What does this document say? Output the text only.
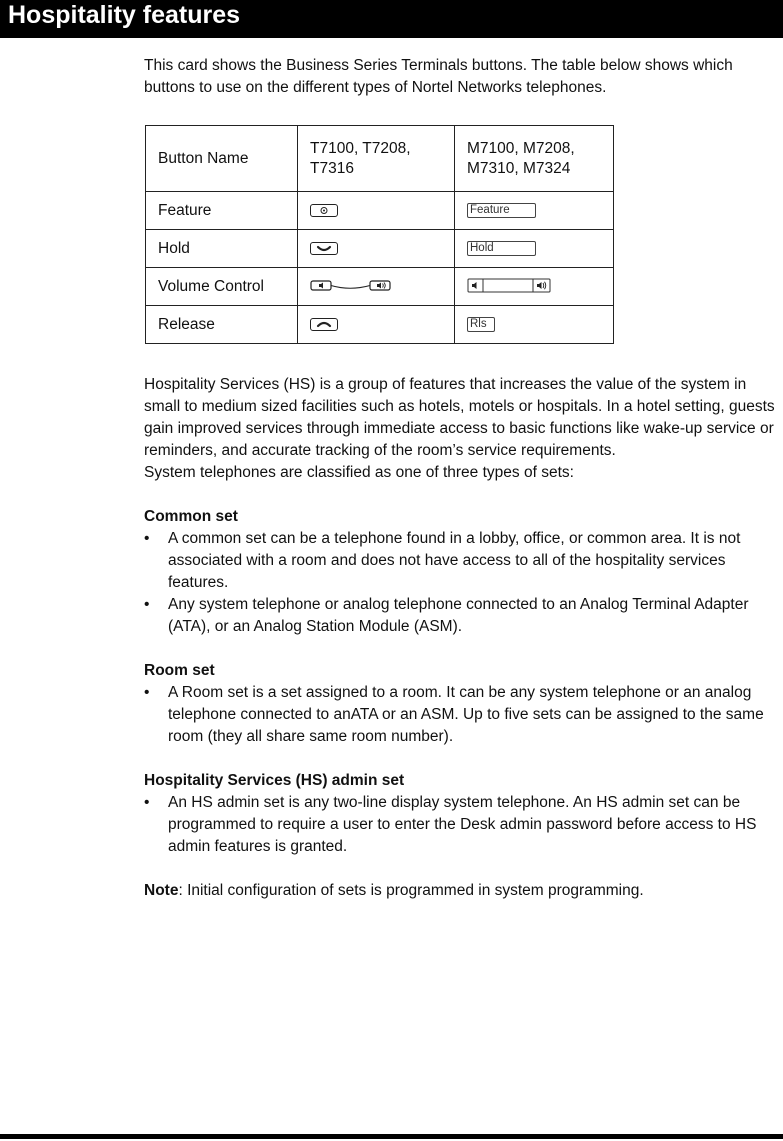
Hospitality features

This card shows the Business Series Terminals buttons. The table below shows which buttons to use on the different types of Nortel Networks telephones.

Button Name	T7100, T7208, T7316	M7100, M7208, M7310, M7324
Feature		Feature
Hold		Hold
Volume Control		
Release		Rls

Hospitality Services (HS) is a group of features that increases the value of the system in small to medium sized facilities such as hotels, motels or hospitals. In a hotel setting, guests gain improved services through immediate access to basic functions like wake-up service or reminders, and accurate tracking of the room’s service requirements.

System telephones are classified as one of three types of sets:

Common set
• A common set can be a telephone found in a lobby, office, or common area. It is not associated with a room and does not have access to all of the hospitality services features.
• Any system telephone or analog telephone connected to an Analog Terminal Adapter (ATA), or an Analog Station Module (ASM).
Room set
• A Room set is a set assigned to a room. It can be any system telephone or an analog telephone connected to anATA or an ASM. Up to five sets can be assigned to the same room (they all share same room number).
Hospitality Services (HS) admin set
• An HS admin set is any two-line display system telephone. An HS admin set can be programmed to require a user to enter the Desk admin password before access to HS admin features is granted.

Note: Initial configuration of sets is programmed in system programming.
